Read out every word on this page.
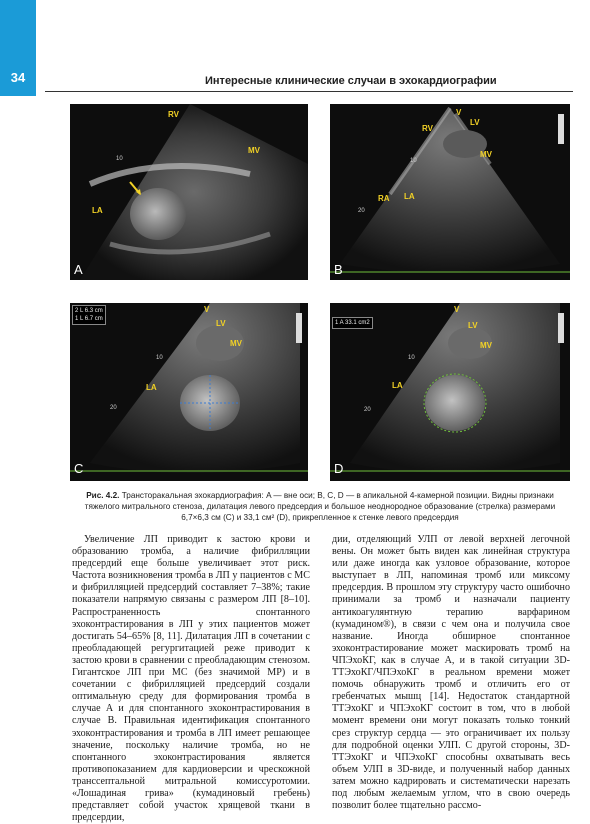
34	Интересные клинические случаи в эхокардиографии
RV
MV
LA
10
A
RV
V
LV
MV
RA LA
10
20
B
2 L 6.3 cm
1 L 6.7 cm
V
LV
MV
LA
10
20
C
1 A 33.1 cm2
V
LV
MV
LA
10
20
D
Рис. 4.2. Трансторакальная эхокардиография: A — вне оси; B, C, D — в апикальной 4-камерной позиции. Видны признаки тяжелого митрального стеноза, дилатация левого предсердия и большое неоднородное образование (стрелка) размерами 6,7×6,3 см (C) и 33,1 см² (D), прикрепленное к стенке левого предсердия

Увеличение ЛП приводит к застою крови и образованию тромба, а наличие фибрилляции предсердий еще больше увеличивает этот риск. Частота возникновения тромба в ЛП у пациентов с МС и фибрилляцией предсердий составляет 7–38%; такие показатели напрямую связаны с размером ЛП [8–10]. Распространенность спонтанного эхоконтрастирования в ЛП у этих пациентов может достигать 54–65% [8, 11]. Дилатация ЛП в сочетании с преобладающей регургитацией реже приводит к застою крови в сравнении с преобладающим стенозом. Гигантское ЛП при МС (без значимой МР) и в сочетании с фибрилляцией предсердий создали оптимальную среду для формирования тромба в случае А и для спонтанного эхоконтрастирования в случае В. Правильная идентификация спонтанного эхоконтрастирования и тромба в ЛП имеет решающее значение, поскольку наличие тромба, но не спонтанного эхоконтрастирования является противопоказанием для кардиоверсии и чрескожной транссептальной митральной комиссуротомии. «Лошадиная грива» (кумадиновый гребень) представляет собой участок хрящевой ткани в предсердии,

дии, отделяющий УЛП от левой верхней легочной вены. Он может быть виден как линейная структура или даже иногда как узловое образование, которое выступает в ЛП, напоминая тромб или миксому предсердия. В прошлом эту структуру часто ошибочно принимали за тромб и назначали пациенту антикоагулянтную терапию варфарином (кумадином®), в связи с чем она и получила свое название. Иногда обширное спонтанное эхоконтрастирование может маскировать тромб на ЧПЭхоКГ, как в случае А, и в такой ситуации 3D-ТТЭхоКГ/ЧПЭхоКГ в реальном времени может помочь обнаружить тромб и отличить его от гребенчатых мышц [14]. Недостаток стандартной ТТЭхоКГ и ЧПЭхоКГ состоит в том, что в любой момент времени они могут показать только тонкий срез структур сердца — это ограничивает их пользу для подробной оценки УЛП. С другой стороны, 3D-ТТЭхоКГ и ЧПЭхоКГ способны охватывать весь объем УЛП в 3D-виде, и полученный набор данных затем можно кадрировать и систематически нарезать под любым желаемым углом, что в свою очередь позволит более тщательно рассмо-
